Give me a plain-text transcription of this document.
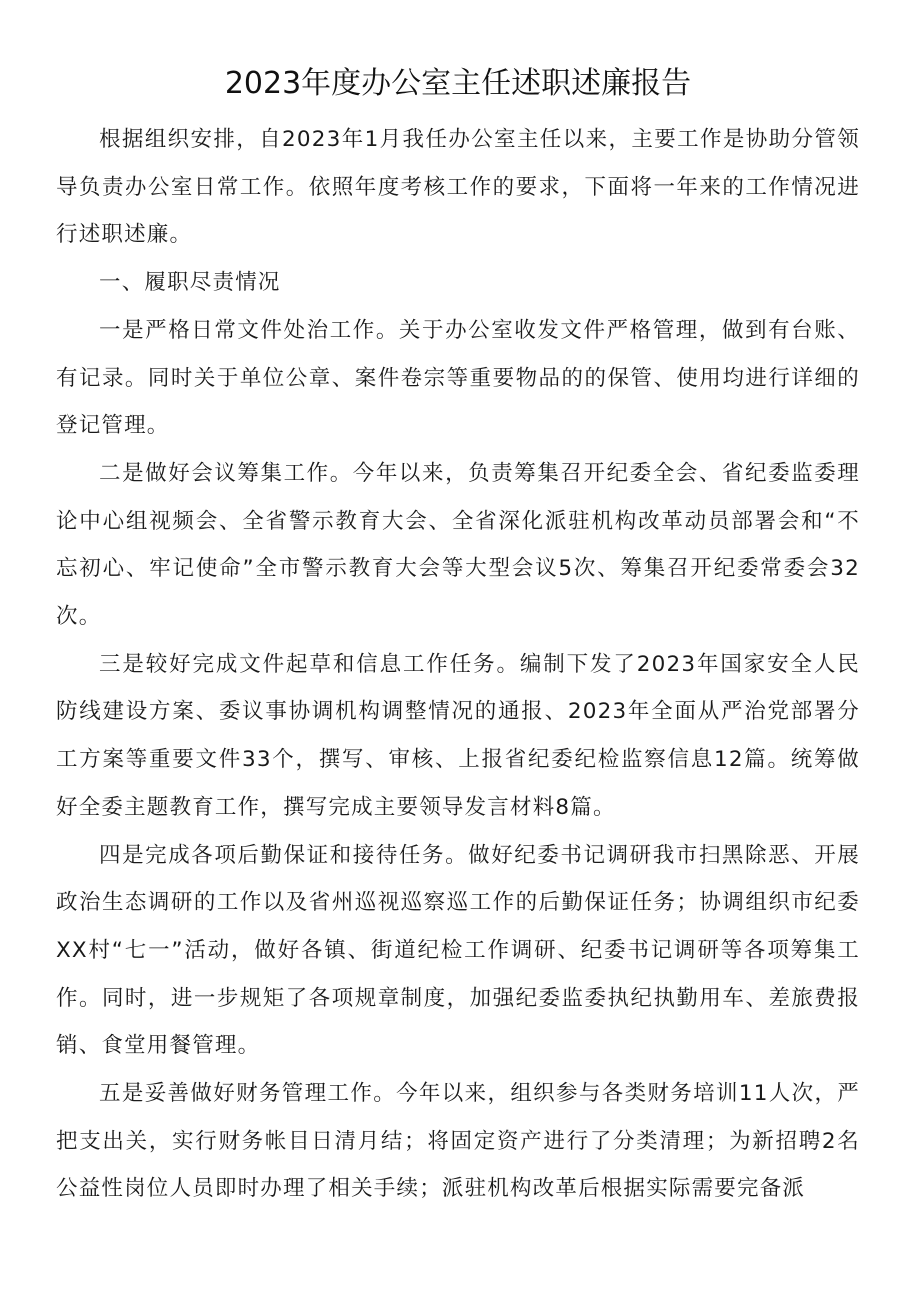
2023年度办公室主任述职述廉报告

根据组织安排，自2023年1月我任办公室主任以来，主要工作是协助分管领导负责办公室日常工作。依照年度考核工作的要求，下面将一年来的工作情况进行述职述廉。

一、履职尽责情况

一是严格日常文件处治工作。关于办公室收发文件严格管理，做到有台账、有记录。同时关于单位公章、案件卷宗等重要物品的的保管、使用均进行详细的登记管理。

二是做好会议筹集工作。今年以来，负责筹集召开纪委全会、省纪委监委理论中心组视频会、全省警示教育大会、全省深化派驻机构改革动员部署会和“不忘初心、牢记使命”全市警示教育大会等大型会议5次、筹集召开纪委常委会32次。

三是较好完成文件起草和信息工作任务。编制下发了2023年国家安全人民防线建设方案、委议事协调机构调整情况的通报、2023年全面从严治党部署分工方案等重要文件33个，撰写、审核、上报省纪委纪检监察信息12篇。统筹做好全委主题教育工作，撰写完成主要领导发言材料8篇。

四是完成各项后勤保证和接待任务。做好纪委书记调研我市扫黑除恶、开展政治生态调研的工作以及省州巡视巡察巡工作的后勤保证任务；协调组织市纪委XX村“七一”活动，做好各镇、街道纪检工作调研、纪委书记调研等各项筹集工作。同时，进一步规矩了各项规章制度，加强纪委监委执纪执勤用车、差旅费报销、食堂用餐管理。

五是妥善做好财务管理工作。今年以来，组织参与各类财务培训11人次，严把支出关，实行财务帐目日清月结；将固定资产进行了分类清理；为新招聘2名公益性岗位人员即时办理了相关手续；派驻机构改革后根据实际需要完备派
